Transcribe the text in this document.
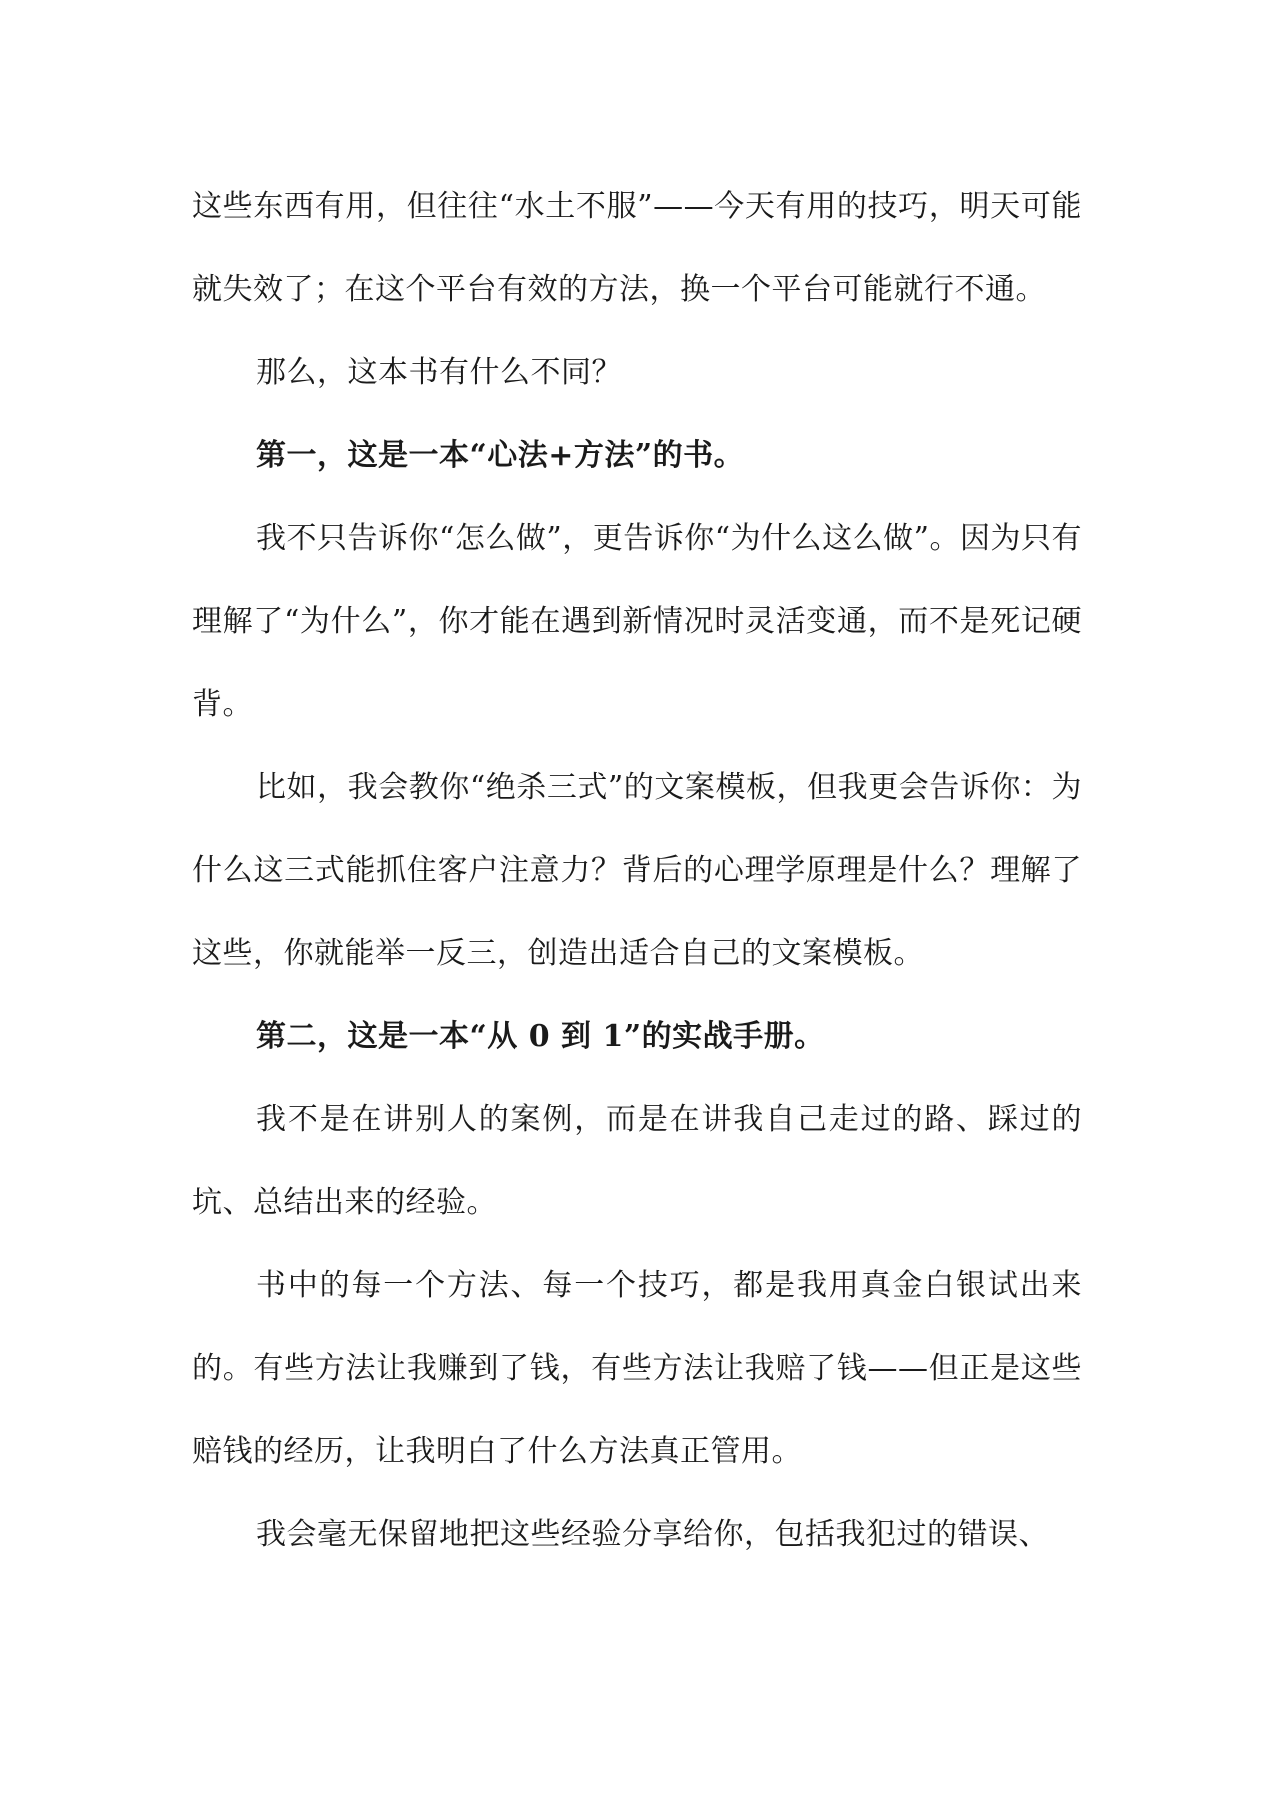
这些东西有用，但往往“水土不服”——今天有用的技巧，明天可能就失效了；在这个平台有效的方法，换一个平台可能就行不通。

那么，这本书有什么不同？

第一，这是一本“心法+方法”的书。

我不只告诉你“怎么做”，更告诉你“为什么这么做”。因为只有理解了“为什么”，你才能在遇到新情况时灵活变通，而不是死记硬背。

比如，我会教你“绝杀三式”的文案模板，但我更会告诉你：为什么这三式能抓住客户注意力？背后的心理学原理是什么？理解了这些，你就能举一反三，创造出适合自己的文案模板。

第二，这是一本“从 0 到 1”的实战手册。

我不是在讲别人的案例，而是在讲我自己走过的路、踩过的坑、总结出来的经验。

书中的每一个方法、每一个技巧，都是我用真金白银试出来的。有些方法让我赚到了钱，有些方法让我赔了钱——但正是这些赔钱的经历，让我明白了什么方法真正管用。

我会毫无保留地把这些经验分享给你，包括我犯过的错误、
